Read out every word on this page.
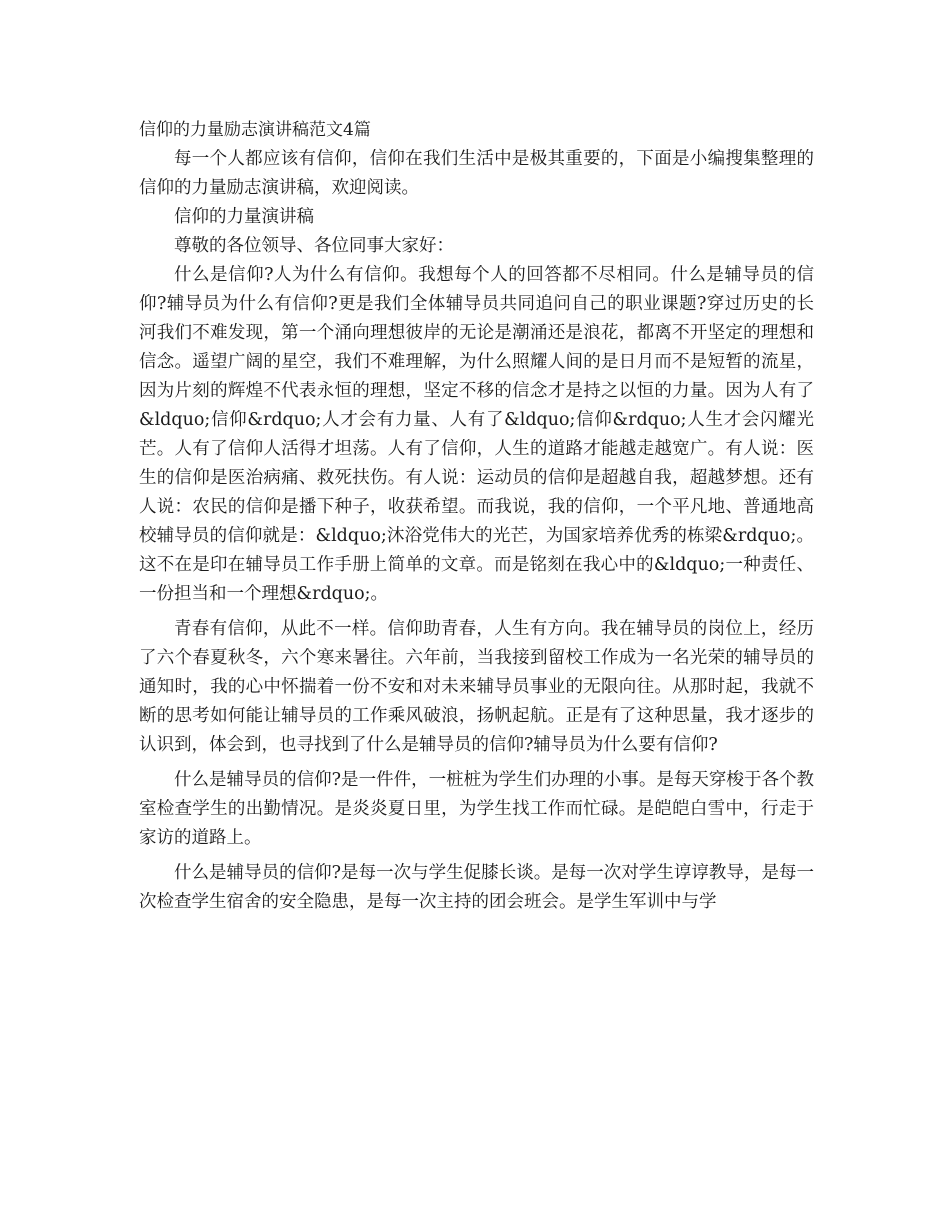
信仰的力量励志演讲稿范文4篇

每一个人都应该有信仰，信仰在我们生活中是极其重要的，下面是小编搜集整理的信仰的力量励志演讲稿，欢迎阅读。

信仰的力量演讲稿

尊敬的各位领导、各位同事大家好：

什么是信仰?人为什么有信仰。我想每个人的回答都不尽相同。什么是辅导员的信仰?辅导员为什么有信仰?更是我们全体辅导员共同追问自己的职业课题?穿过历史的长河我们不难发现，第一个涌向理想彼岸的无论是潮涌还是浪花，都离不开坚定的理想和信念。遥望广阔的星空，我们不难理解，为什么照耀人间的是日月而不是短暂的流星，因为片刻的辉煌不代表永恒的理想，坚定不移的信念才是持之以恒的力量。因为人有了&ldquo;信仰&rdquo;人才会有力量、人有了&ldquo;信仰&rdquo;人生才会闪耀光芒。人有了信仰人活得才坦荡。人有了信仰，人生的道路才能越走越宽广。有人说：医生的信仰是医治病痛、救死扶伤。有人说：运动员的信仰是超越自我，超越梦想。还有人说：农民的信仰是播下种子，收获希望。而我说，我的信仰，一个平凡地、普通地高校辅导员的信仰就是：&ldquo;沐浴党伟大的光芒，为国家培养优秀的栋梁&rdquo;。这不在是印在辅导员工作手册上简单的文章。而是铭刻在我心中的&ldquo;一种责任、一份担当和一个理想&rdquo;。

青春有信仰，从此不一样。信仰助青春，人生有方向。我在辅导员的岗位上，经历了六个春夏秋冬，六个寒来暑往。六年前，当我接到留校工作成为一名光荣的辅导员的通知时，我的心中怀揣着一份不安和对未来辅导员事业的无限向往。从那时起，我就不断的思考如何能让辅导员的工作乘风破浪，扬帆起航。正是有了这种思量，我才逐步的认识到，体会到，也寻找到了什么是辅导员的信仰?辅导员为什么要有信仰?

什么是辅导员的信仰?是一件件，一桩桩为学生们办理的小事。是每天穿梭于各个教室检查学生的出勤情况。是炎炎夏日里，为学生找工作而忙碌。是皑皑白雪中，行走于家访的道路上。

什么是辅导员的信仰?是每一次与学生促膝长谈。是每一次对学生谆谆教导，是每一次检查学生宿舍的安全隐患，是每一次主持的团会班会。是学生军训中与学
